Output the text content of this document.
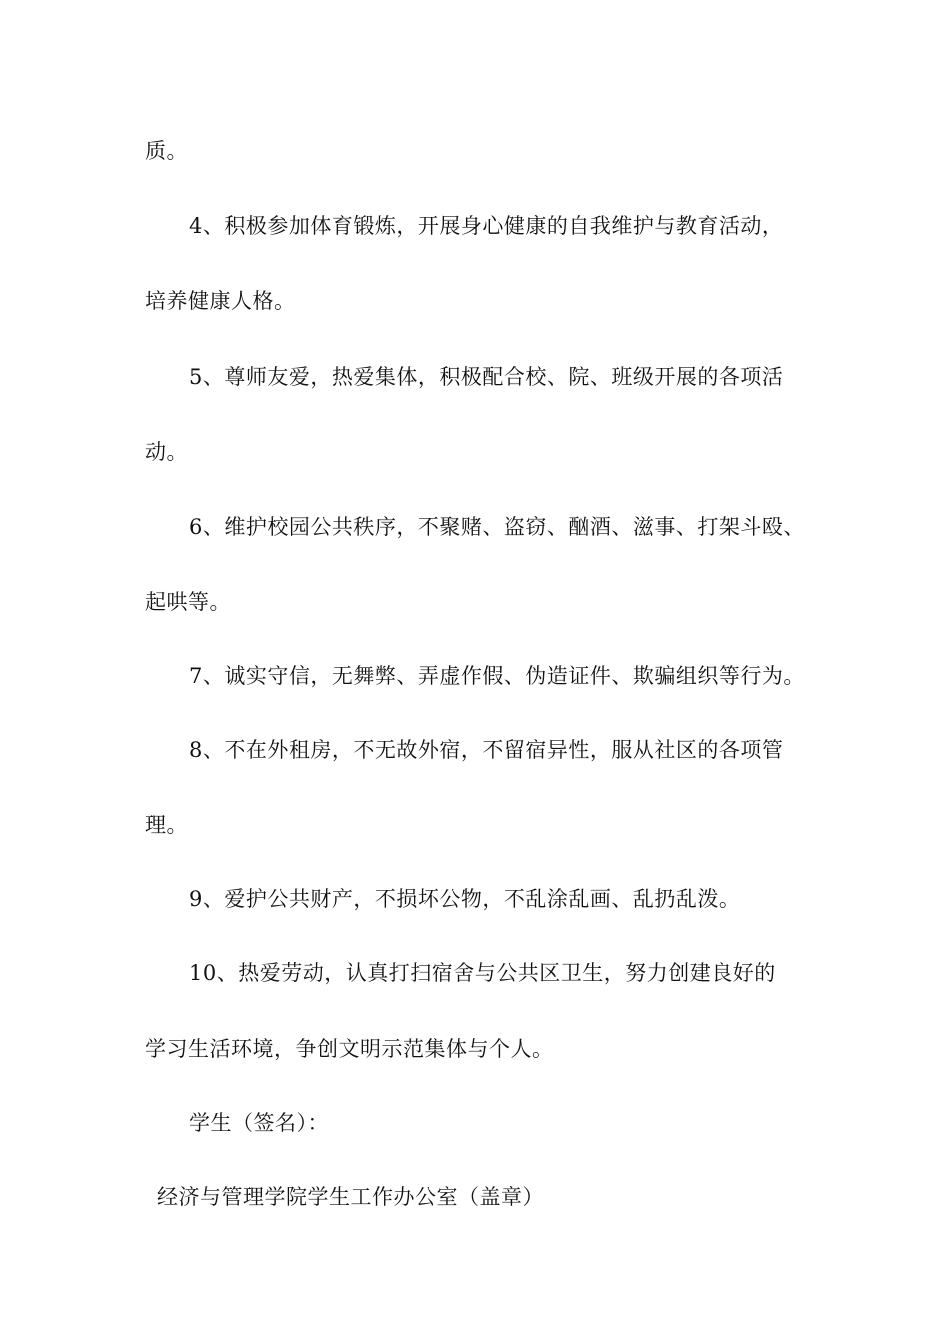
质。
4、积极参加体育锻炼，开展身心健康的自我维护与教育活动，
培养健康人格。
5、尊师友爱，热爱集体，积极配合校、院、班级开展的各项活
动。
6、维护校园公共秩序，不聚赌、盗窃、酗酒、滋事、打架斗殴、
起哄等。
7、诚实守信，无舞弊、弄虚作假、伪造证件、欺骗组织等行为。
8、不在外租房，不无故外宿，不留宿异性，服从社区的各项管
理。
9、爱护公共财产，不损坏公物，不乱涂乱画、乱扔乱泼。
10、热爱劳动，认真打扫宿舍与公共区卫生，努力创建良好的
学习生活环境，争创文明示范集体与个人。
学生（签名）：
经济与管理学院学生工作办公室（盖章）
